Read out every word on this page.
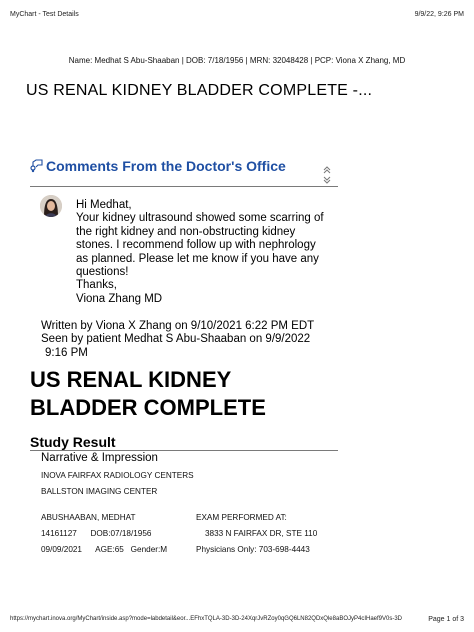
MyChart - Test Details	9/9/22, 9:26 PM
Name: Medhat S Abu-Shaaban | DOB: 7/18/1956 | MRN: 32048428 | PCP: Viona X Zhang, MD
US RENAL KIDNEY BLADDER COMPLETE -...
Comments From the Doctor's Office
Hi Medhat,
Your kidney ultrasound showed some scarring of
the right kidney and non-obstructing kidney
stones. I recommend follow up with nephrology
as planned. Please let me know if you have any
questions!
Thanks,
Viona Zhang MD
Written by Viona X Zhang on 9/10/2021 6:22 PM EDT
Seen by patient Medhat S Abu-Shaaban on 9/9/2022
9:16 PM
US RENAL KIDNEY
BLADDER COMPLETE
Study Result
Narrative & Impression
INOVA FAIRFAX RADIOLOGY CENTERS
BALLSTON IMAGING CENTER
ABUSHAABAN, MEDHAT
14161127      DOB:07/18/1956
09/09/2021      AGE:65   Gender:M
EXAM PERFORMED AT:
3833 N FAIRFAX DR, STE 110
Physicians Only: 703-698-4443
https://mychart.inova.org/MyChart/inside.asp?mode=labdetail&eor...EFhxTQLA-3D-3D-24XqrJvRZoy0qGQ6LN82QDxQle8aBOJyP4cIHaef9V0s-3D	Page 1 of 3
